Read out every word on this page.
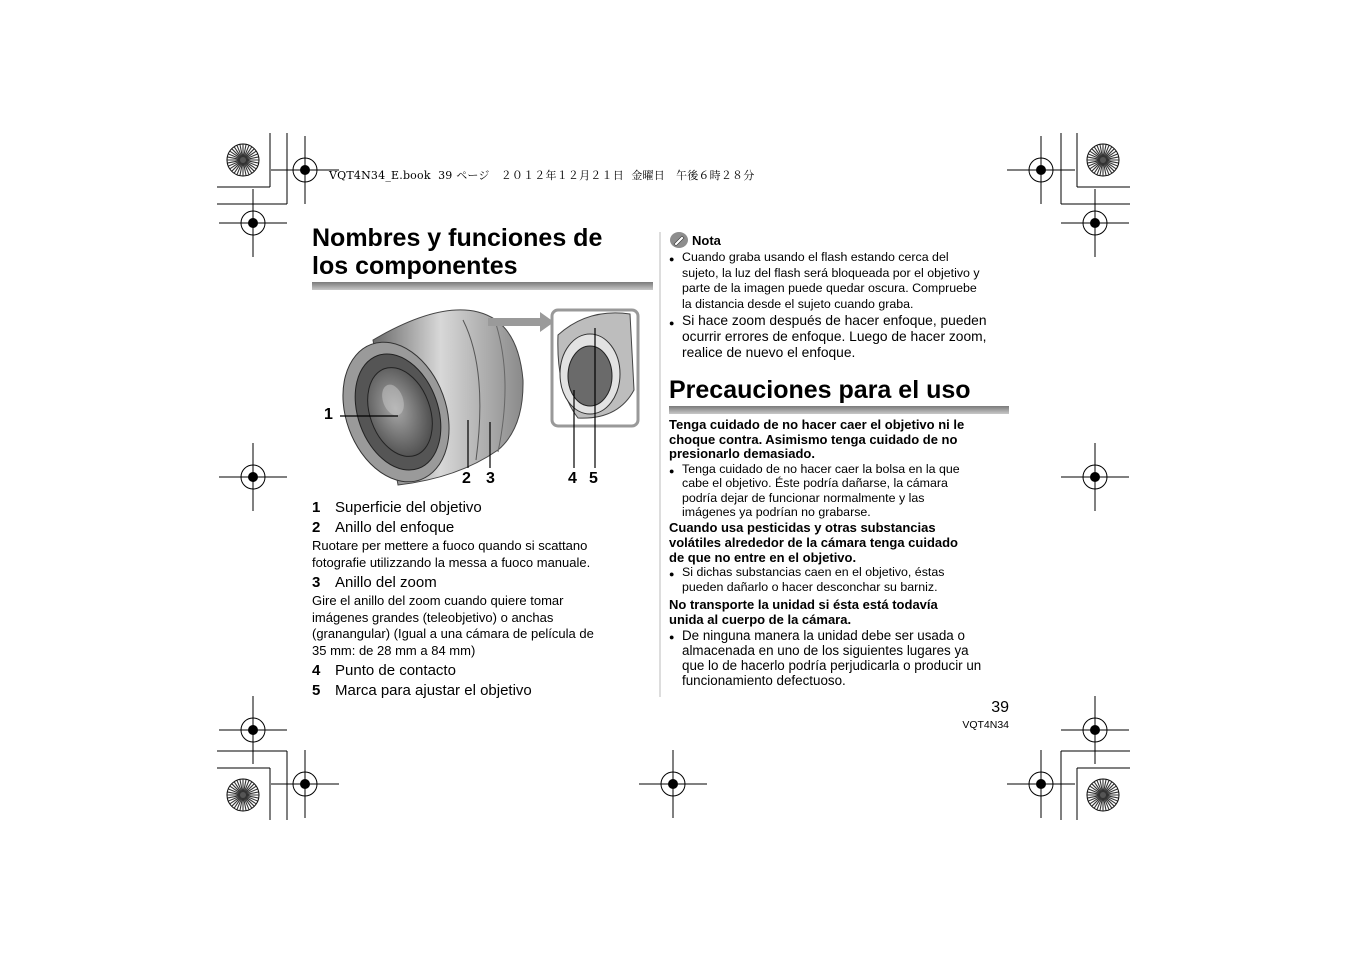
VQT4N34_E.book 39 ページ ２０１２年１２月２１日 金曜日 午後６時２８分
Nombres y funciones de
los componentes
1
2 3	4 5
1 Superficie del objetivo
2 Anillo del enfoque
Ruotare per mettere a fuoco quando si scattano
fotografie utilizzando la messa a fuoco manuale.
3 Anillo del zoom
Gire el anillo del zoom cuando quiere tomar
imágenes grandes (teleobjetivo) o anchas
(granangular) (Igual a una cámara de película de
35 mm: de 28 mm a 84 mm)
4 Punto de contacto
5 Marca para ajustar el objetivo
Nota
● Cuando graba usando el flash estando cerca del
sujeto, la luz del flash será bloqueada por el objetivo y
parte de la imagen puede quedar oscura. Compruebe
la distancia desde el sujeto cuando graba.
● Si hace zoom después de hacer enfoque, pueden
ocurrir errores de enfoque. Luego de hacer zoom,
realice de nuevo el enfoque.
Precauciones para el uso

Tenga cuidado de no hacer caer el objetivo ni le
choque contra. Asimismo tenga cuidado de no
presionarlo demasiado.

● Tenga cuidado de no hacer caer la bolsa en la que
cabe el objetivo. Éste podría dañarse, la cámara
podría dejar de funcionar normalmente y las
imágenes ya podrían no grabarse.

Cuando usa pesticidas y otras substancias
volátiles alrededor de la cámara tenga cuidado
de que no entre en el objetivo.

● Si dichas substancias caen en el objetivo, éstas
pueden dañarlo o hacer desconchar su barniz.

No transporte la unidad si ésta está todavía
unida al cuerpo de la cámara.

● De ninguna manera la unidad debe ser usada o
almacenada en uno de los siguientes lugares ya
que lo de hacerlo podría perjudicarla o producir un
funcionamiento defectuoso.
39
VQT4N34
